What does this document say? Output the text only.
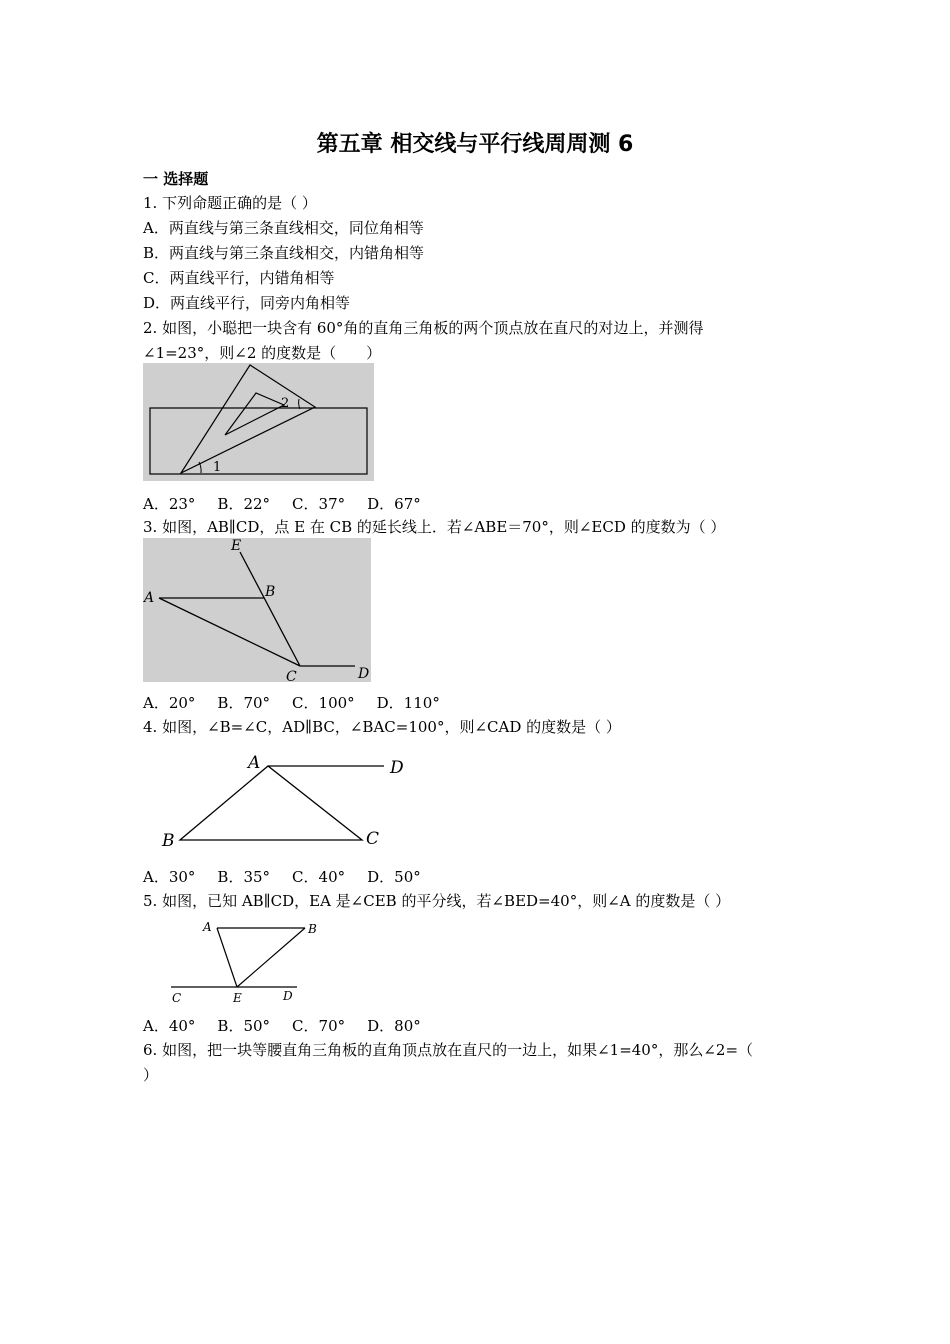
第五章 相交线与平行线周周测 6
一 选择题
1. 下列命题正确的是（ ）
A．两直线与第三条直线相交，同位角相等
B．两直线与第三条直线相交，内错角相等
C．两直线平行，内错角相等
D．两直线平行，同旁内角相等
2. 如图，小聪把一块含有 60°角的直角三角板的两个顶点放在直尺的对边上，并测得
∠1=23°，则∠2 的度数是（　　）
1
2
A．23° B．22° C．37° D．67°
3. 如图，AB∥CD，点 E 在 CB 的延长线上．若∠ABE＝70°，则∠ECD 的度数为（ ）
E
B
A
C	D
A．20° B．70° C．100° D．110°
4. 如图，∠B=∠C，AD∥BC，∠BAC=100°，则∠CAD 的度数是（ ）
A	D
B	C
A．30° B．35° C．40° D．50°
5. 如图，已知 AB∥CD，EA 是∠CEB 的平分线，若∠BED=40°，则∠A 的度数是（ ）
A	B
C	E	D
A．40° B．50° C．70° D．80°
6. 如图，把一块等腰直角三角板的直角顶点放在直尺的一边上，如果∠1=40°，那么∠2=（
）
